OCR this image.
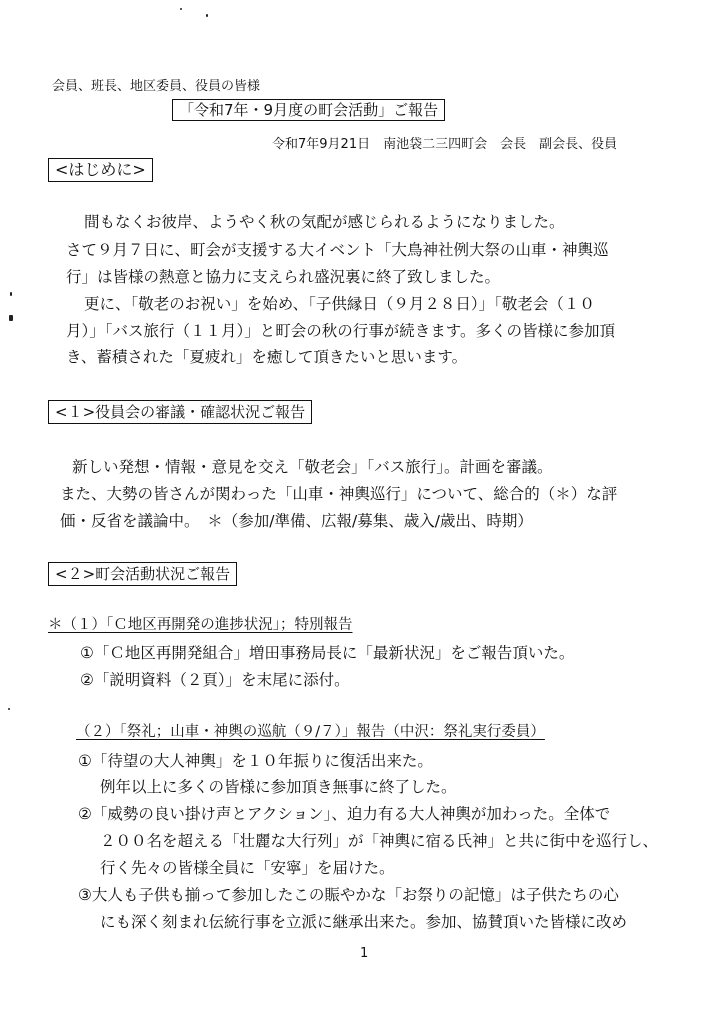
会員、班長、地区委員、役員の皆様
「令和7年・9月度の町会活動」ご報告
令和7年9月21日　南池袋二三四町会　会長　副会長、役員
<はじめに>
間もなくお彼岸、ようやく秋の気配が感じられるようになりました。
さて９月７日に、町会が支援する大イベント「大鳥神社例大祭の山車・神輿巡
行」は皆様の熱意と協力に支えられ盛況裏に終了致しました。
更に、「敬老のお祝い」を始め、「子供縁日（９月２８日）」「敬老会（１０
月）」「バス旅行（１１月）」と町会の秋の行事が続きます。多くの皆様に参加頂
き、蓄積された「夏疲れ」を癒して頂きたいと思います。
<１>役員会の審議・確認状況ご報告
新しい発想・情報・意見を交え「敬老会」「バス旅行」。計画を審議。
また、大勢の皆さんが関わった「山車・神輿巡行」について、総合的（＊）な評
価・反省を議論中。　＊（参加/準備、広報/募集、歳入/歳出、時期）
<２>町会活動状況ご報告
＊（１）「Ｃ地区再開発の進捗状況」；特別報告
①「Ｃ地区再開発組合」増田事務局長に「最新状況」をご報告頂いた。
②「説明資料（２頁）」を末尾に添付。
（２）「祭礼；山車・神輿の巡航（９/７）」報告（中沢：祭礼実行委員）
①「待望の大人神輿」を１０年振りに復活出来た。
例年以上に多くの皆様に参加頂き無事に終了した。
②「威勢の良い掛け声とアクション」、迫力有る大人神輿が加わった。全体で
２００名を超える「壮麗な大行列」が「神輿に宿る氏神」と共に街中を巡行し、
行く先々の皆様全員に「安寧」を届けた。
③大人も子供も揃って参加したこの賑やかな「お祭りの記憶」は子供たちの心
にも深く刻まれ伝統行事を立派に継承出来た。参加、協賛頂いた皆様に改め
1
